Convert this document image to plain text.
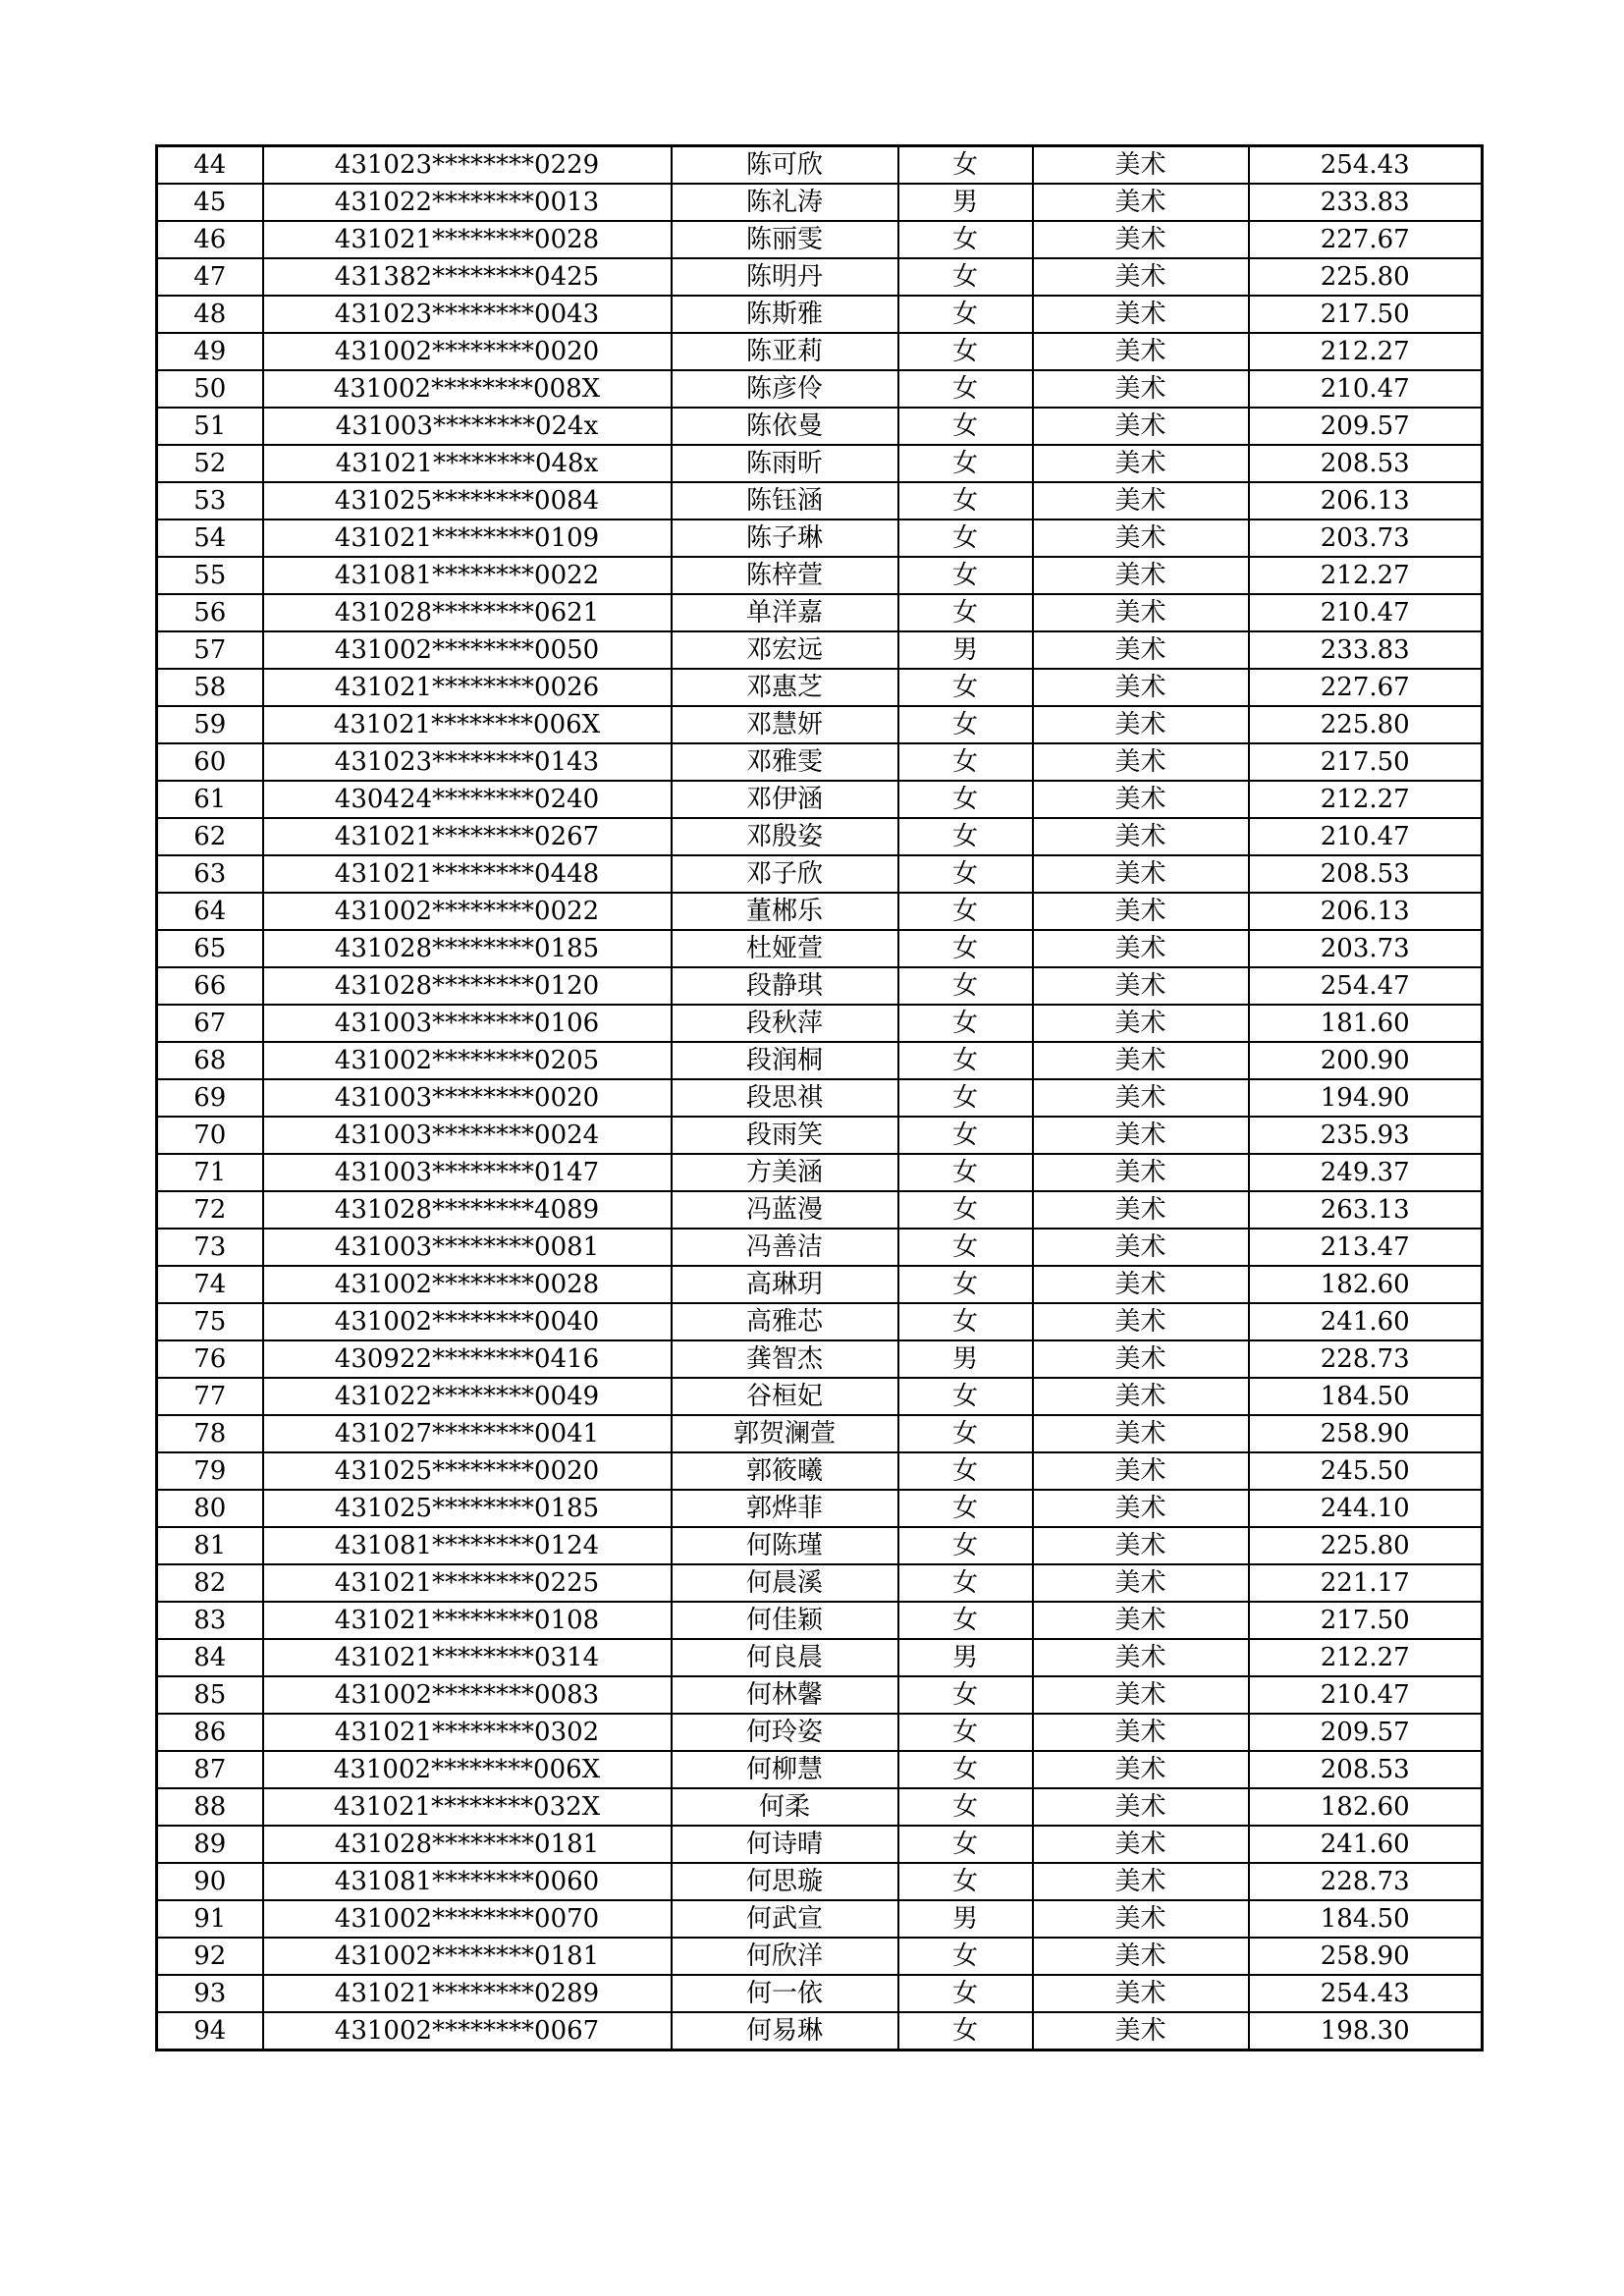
44	431023********0229	陈可欣	女	美术	254.43
45	431022********0013	陈礼涛	男	美术	233.83
46	431021********0028	陈丽雯	女	美术	227.67
47	431382********0425	陈明丹	女	美术	225.80
48	431023********0043	陈斯雅	女	美术	217.50
49	431002********0020	陈亚莉	女	美术	212.27
50	431002********008X	陈彦伶	女	美术	210.47
51	431003********024x	陈依曼	女	美术	209.57
52	431021********048x	陈雨昕	女	美术	208.53
53	431025********0084	陈钰涵	女	美术	206.13
54	431021********0109	陈子琳	女	美术	203.73
55	431081********0022	陈梓萱	女	美术	212.27
56	431028********0621	单洋嘉	女	美术	210.47
57	431002********0050	邓宏远	男	美术	233.83
58	431021********0026	邓惠芝	女	美术	227.67
59	431021********006X	邓慧妍	女	美术	225.80
60	431023********0143	邓雅雯	女	美术	217.50
61	430424********0240	邓伊涵	女	美术	212.27
62	431021********0267	邓殷姿	女	美术	210.47
63	431021********0448	邓子欣	女	美术	208.53
64	431002********0022	董郴乐	女	美术	206.13
65	431028********0185	杜娅萱	女	美术	203.73
66	431028********0120	段静琪	女	美术	254.47
67	431003********0106	段秋萍	女	美术	181.60
68	431002********0205	段润桐	女	美术	200.90
69	431003********0020	段思祺	女	美术	194.90
70	431003********0024	段雨笑	女	美术	235.93
71	431003********0147	方美涵	女	美术	249.37
72	431028********4089	冯蓝漫	女	美术	263.13
73	431003********0081	冯善洁	女	美术	213.47
74	431002********0028	高琳玥	女	美术	182.60
75	431002********0040	高雅芯	女	美术	241.60
76	430922********0416	龚智杰	男	美术	228.73
77	431022********0049	谷桓妃	女	美术	184.50
78	431027********0041	郭贺澜萱	女	美术	258.90
79	431025********0020	郭筱曦	女	美术	245.50
80	431025********0185	郭烨菲	女	美术	244.10
81	431081********0124	何陈瑾	女	美术	225.80
82	431021********0225	何晨溪	女	美术	221.17
83	431021********0108	何佳颖	女	美术	217.50
84	431021********0314	何良晨	男	美术	212.27
85	431002********0083	何林馨	女	美术	210.47
86	431021********0302	何玲姿	女	美术	209.57
87	431002********006X	何柳慧	女	美术	208.53
88	431021********032X	何柔	女	美术	182.60
89	431028********0181	何诗晴	女	美术	241.60
90	431081********0060	何思璇	女	美术	228.73
91	431002********0070	何武宣	男	美术	184.50
92	431002********0181	何欣洋	女	美术	258.90
93	431021********0289	何一依	女	美术	254.43
94	431002********0067	何易琳	女	美术	198.30
